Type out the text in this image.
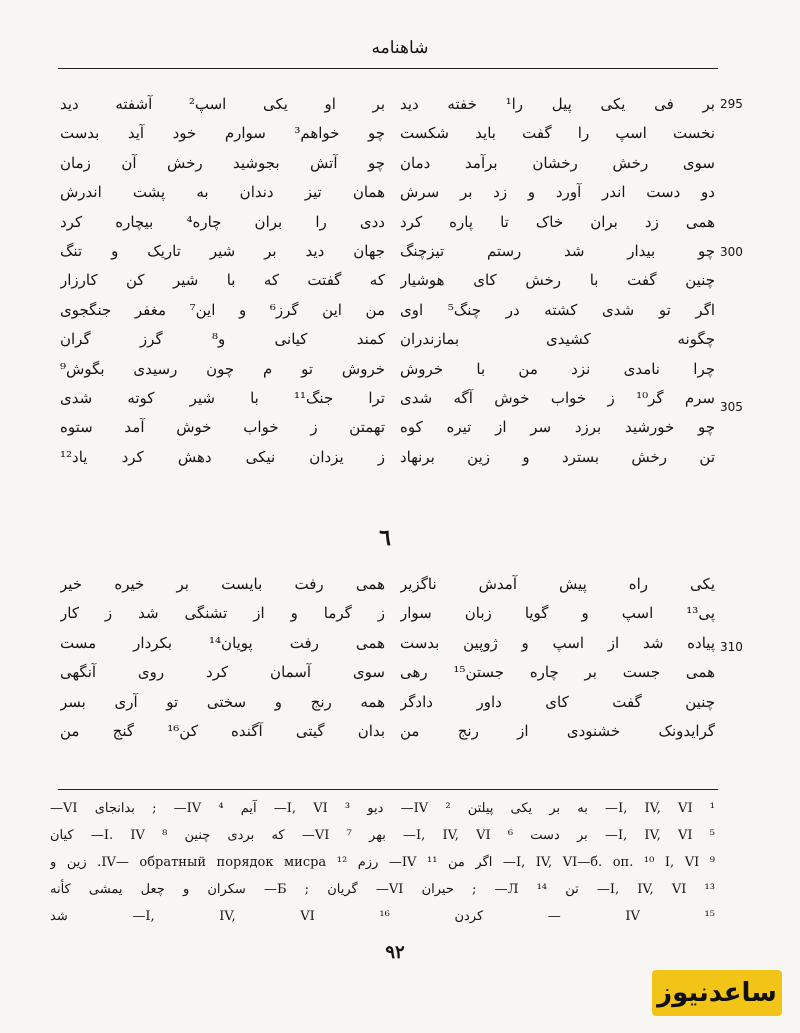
شاهنامه
بر فی یکی پیل را¹ خفته دید
نخست اسپ را گفت باید شکست
سوی رخش رخشان برآمد دمان
دو دست اندر آورد و زد بر سرش
همی زد بران خاک تا پاره کرد
چو بیدار شد رستم تیزچنگ
چنین گفت با رخش کای هوشیار
اگر تو شدی کشته در چنگ⁵ اوی
چگونه کشیدی بمازندران
چرا نامدی نزد من با خروش
سرم گر¹⁰ ز خواب خوش آگه شدی
چو خورشید برزد سر از تیره کوه
تن رخش بسترد و زین برنهاد
بر او یکی اسپ² آشفته دید
چو خواهم³ سوارم خود آید بدست
چو آتش بجوشید رخش آن زمان
همان تیز دندان به پشت اندرش
ددی را بران چاره⁴ بیچاره کرد
جهان دید بر شیر تاریک و تنگ
که گفتت که با شیر کن کارزار
من این گرز⁶ و این⁷ مغفر جنگجوی
کمند کیانی و⁸ گرز گران
خروش تو م چون رسیدی بگوش⁹
ترا جنگ¹¹ با شیر کوته شدی
تهمتن ز خواب خوش آمد ستوه
ز یزدان نیکی دهش کرد یاد¹²
295
300
305
310
٦
یکی راه پیش آمدش ناگزیر
پی¹³ اسپ و گویا زبان سوار
پیاده شد از اسپ و ژوپین بدست
همی جست بر چاره جستن¹⁵ رهی
چنین گفت کای داور دادگر
گرایدونک خشنودی از رنج من
همی رفت بایست بر خیره خیر
ز گرما و از تشنگی شد ز کار
همی رفت پویان¹⁴ بکردار مست
سوی آسمان کرد روی آنگهی
همه رنج و سختی تو آری بسر
بدان گیتی آگنده کن¹⁶ گنج من
¹ I, IV, VI— به بر یکی پیلتن ² IV— دیو ³ I, VI— آیم ⁴ IV— ; بدانجای VI—
⁵ I, IV, VI— بر دست ⁶ I, IV, VI— بهر ⁷ VI— که بردی چنین ⁸ I. IV— کیان
⁹ I, IV, VI—б. оп. ¹⁰ I, VI— اگر من ¹¹ IV— رزم ¹² IV— обратный порядок мисра. زین و
¹³ I, IV, VI— تن ¹⁴ Л— ; حیران VI— گریان ; Б— سکران و چعل یمشی کأنه
¹⁵ IV — کردن ¹⁶ I, IV, VI— شد
٩٢
ساعدنیوز
